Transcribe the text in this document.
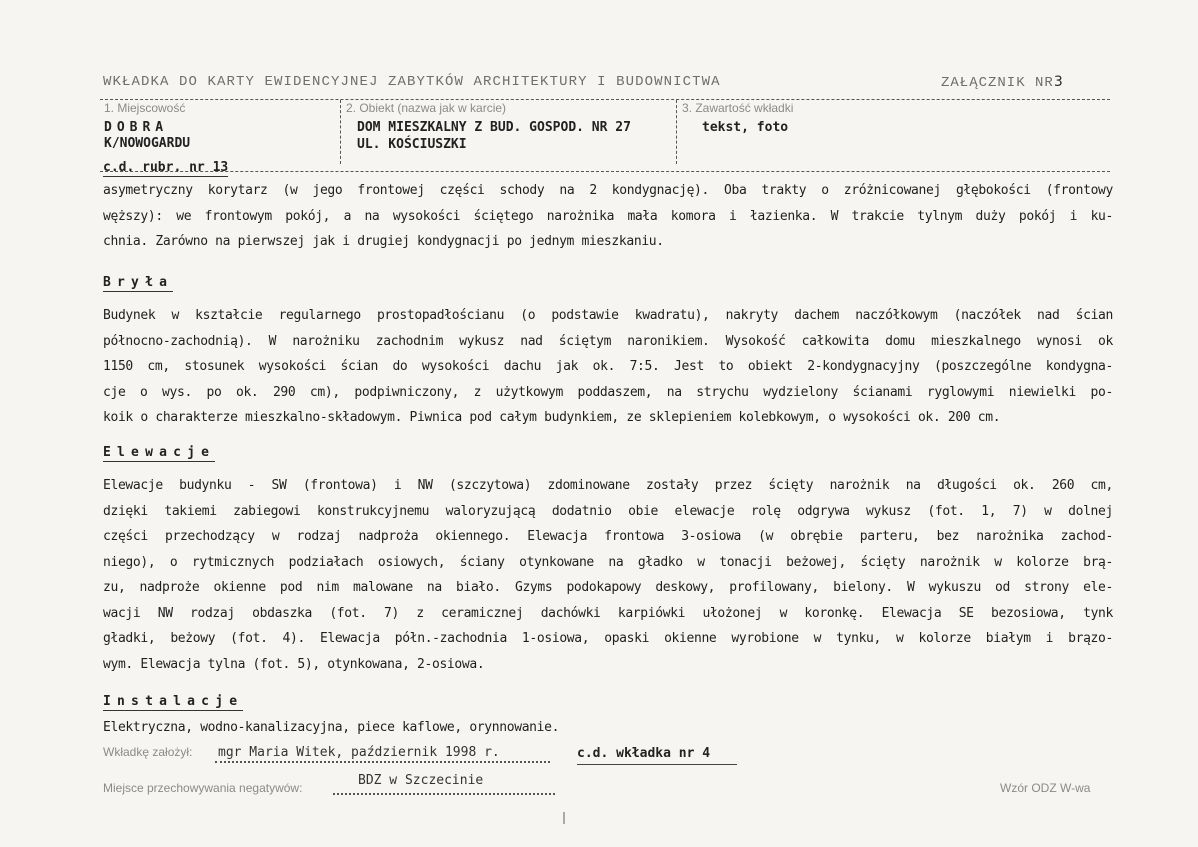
WKŁADKA DO KARTY EWIDENCYJNEJ ZABYTKÓW ARCHITEKTURY I BUDOWNICTWA	ZAŁĄCZNIK NR3
1. Miejscowość
DOBRA
K/NOWOGARDU
2. Obiekt (nazwa jak w karcie)
DOM MIESZKALNY Z BUD. GOSPOD. NR 27
UL. KOŚCIUSZKI
3. Zawartość wkładki
tekst, foto
c.d. rubr. nr 13
asymetryczny korytarz (w jego frontowej części schody na 2 kondygnację). Oba trakty o zróżnicowanej głębokości (frontowy
węższy): we frontowym pokój, a na wysokości ściętego narożnika mała komora i łazienka. W trakcie tylnym duży pokój i ku-
chnia. Zarówno na pierwszej jak i drugiej kondygnacji po jednym mieszkaniu.
Bryła
Budynek w kształcie regularnego prostopadłościanu (o podstawie kwadratu), nakryty dachem naczółkowym (naczółek nad ścian
północno-zachodnią). W narożniku zachodnim wykusz nad ściętym naronikiem. Wysokość całkowita domu mieszkalnego wynosi ok
1150 cm, stosunek wysokości ścian do wysokości dachu jak ok. 7:5. Jest to obiekt 2-kondygnacyjny (poszczególne kondygna-
cje o wys. po ok. 290 cm), podpiwniczony, z użytkowym poddaszem, na strychu wydzielony ścianami ryglowymi niewielki po-
koik o charakterze mieszkalno-składowym. Piwnica pod całym budynkiem, ze sklepieniem kolebkowym, o wysokości ok. 200 cm.
Elewacje
Elewacje budynku - SW (frontowa) i NW (szczytowa) zdominowane zostały przez ścięty narożnik na długości ok. 260 cm,
dzięki takiemi zabiegowi konstrukcyjnemu waloryzującą dodatnio obie elewacje rolę odgrywa wykusz (fot. 1, 7) w dolnej
części przechodzący w rodzaj nadproża okiennego. Elewacja frontowa 3-osiowa (w obrębie parteru, bez narożnika zachod-
niego), o rytmicznych podziałach osiowych, ściany otynkowane na gładko w tonacji beżowej, ścięty narożnik w kolorze brą-
zu, nadproże okienne pod nim malowane na biało. Gzyms podokapowy deskowy, profilowany, bielony. W wykuszu od strony ele-
wacji NW rodzaj obdaszka (fot. 7) z ceramicznej dachówki karpiówki ułożonej w koronkę. Elewacja SE bezosiowa, tynk
gładki, beżowy (fot. 4). Elewacja półn.-zachodnia 1-osiowa, opaski okienne wyrobione w tynku, w kolorze białym i brązo-
wym. Elewacja tylna (fot. 5), otynkowana, 2-osiowa.
Instalacje
Elektryczna, wodno-kanalizacyjna, piece kaflowe, orynnowanie.
Wkładkę założył: mgr Maria Witek, październik 1998 r.	c.d. wkładka nr 4
Miejsce przechowywania negatywów:	BDZ w Szczecinie	Wzór ODZ W-wa
